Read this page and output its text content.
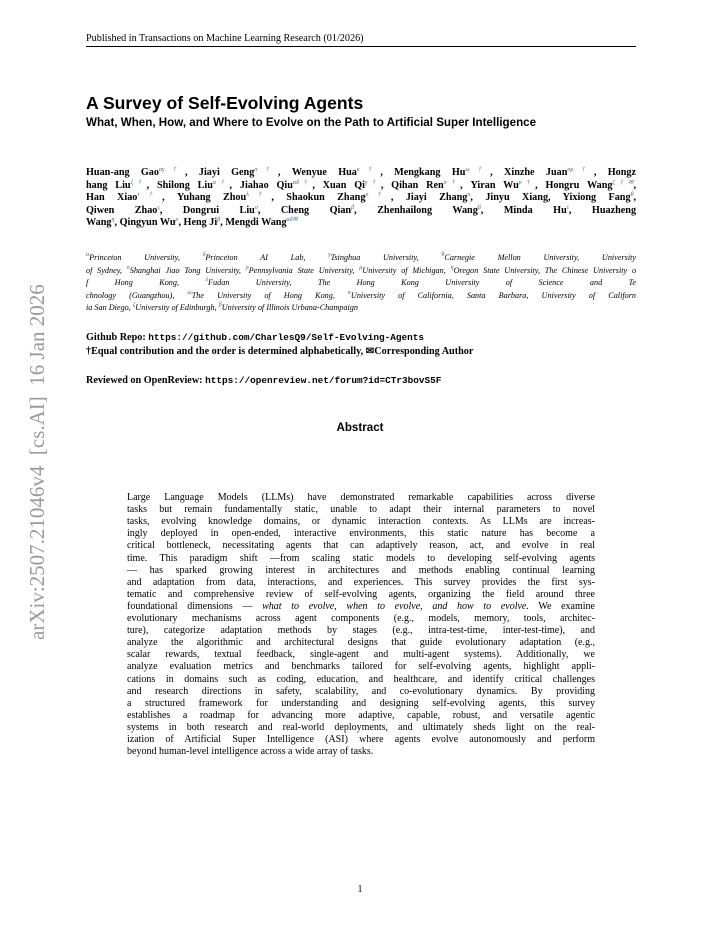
Published in Transactions on Machine Learning Research (01/2026)
arXiv:2507.21046v4  [cs.AI]  16 Jan 2026
A Survey of Self-Evolving Agents
What, When, How, and Where to Evolve on the Path to Artificial Super Intelligence
Huan-ang Gao$^{\alpha\gamma\dagger}$, Jiayi Geng$^{\alpha\dagger}$, Wenyue Hua$^{\kappa\dagger}$, Mengkang $Hu^{\omega\dagger}$, Xinzhe Juan$^{\sigma\mu\dagger}$, Hongz
hang Liu$^{\xi\dagger}$, Shilong Liu$^{\alpha\dagger}$, Jiahao Qiu$^{\alpha\delta\dagger}$, Xuan $Qi^{\gamma\dagger}$, Qihan Ren$^{\sigma\dagger}$, Yiran $Wu^{\rho\dagger}$, Hongru Wang$^{\zeta\dagger✉}$,
Han Xiao$^{\tau\dagger}$, Yuhang Zhou$^{\lambda\dagger}$, Shaokun Zhang$^{\rho\dagger}$, Jiayi Zhang$^\pi$, Jinyu Xiang, Yixiong Fang$^\theta$,
Qiwen Zhao$^\varsigma$, Dongrui Liu$^\sigma$, Cheng Qian$^\beta$, Zhenhailong Wang$^\beta$, Minda $Hu^\tau$, Huazheng
Wang$^\eta$, Qingyun $Wu^\rho$, Heng $Ji^\beta$, Mengdi Wang$^{\alpha\delta✉}$
$^\alpha$Princeton University,	$^\delta$Princeton AI Lab,	$^\gamma$Tsinghua University,	$^\theta$Carnegie Mellon University,	University
of Sydney, $^\sigma$Shanghai Jiao Tong University, $^\rho$Pennsylvania State University, $^\mu$University of Michigan, $^\eta$Oregon State University, The Chinese University o
f Hong Kong,	$^\lambda$Fudan University,	The Hong Kong University of Science and Te
chnology (Guangzhou), $^\omega$The University of Hong Kong, $^\kappa$University of California, Santa Barbara, University of Californ
ia San Diego, $^\zeta$University of Edinburgh, $^\beta$University of Illinois Urbana-Champaign
Github Repo: https://github.com/CharlesQ9/Self-Evolving-Agents
†Equal contribution and the order is determined alphabetically, ✉Corresponding Author
Reviewed on OpenReview: https://openreview.net/forum?id=CTr3bovS5F
Abstract
Large Language Models (LLMs) have demonstrated remarkable capabilities across diverse
tasks but remain fundamentally static, unable to adapt their internal parameters to novel
tasks, evolving knowledge domains, or dynamic interaction contexts. As LLMs are increas-
ingly deployed in open-ended, interactive environments, this static nature has become a
critical bottleneck, necessitating agents that can adaptively reason, act, and evolve in real
time. This paradigm shift —from scaling static models to developing self-evolving agents
— has sparked growing interest in architectures and methods enabling continual learning
and adaptation from data, interactions, and experiences. This survey provides the first sys-
tematic and comprehensive review of self-evolving agents, organizing the field around three
foundational dimensions — what to evolve, when to evolve, and how to evolve. We examine
evolutionary mechanisms across agent components (e.g., models, memory, tools, architec-
ture), categorize adaptation methods by stages (e.g., intra-test-time, inter-test-time), and
analyze the algorithmic and architectural designs that guide evolutionary adaptation (e.g.,
scalar rewards, textual feedback, single-agent and multi-agent systems). Additionally, we
analyze evaluation metrics and benchmarks tailored for self-evolving agents, highlight appli-
cations in domains such as coding, education, and healthcare, and identify critical challenges
and research directions in safety, scalability, and co-evolutionary dynamics. By providing
a structured framework for understanding and designing self-evolving agents, this survey
establishes a roadmap for advancing more adaptive, capable, robust, and versatile agentic
systems in both research and real-world deployments, and ultimately sheds light on the real-
ization of Artificial Super Intelligence (ASI) where agents evolve autonomously and perform
beyond human-level intelligence across a wide array of tasks.
1
